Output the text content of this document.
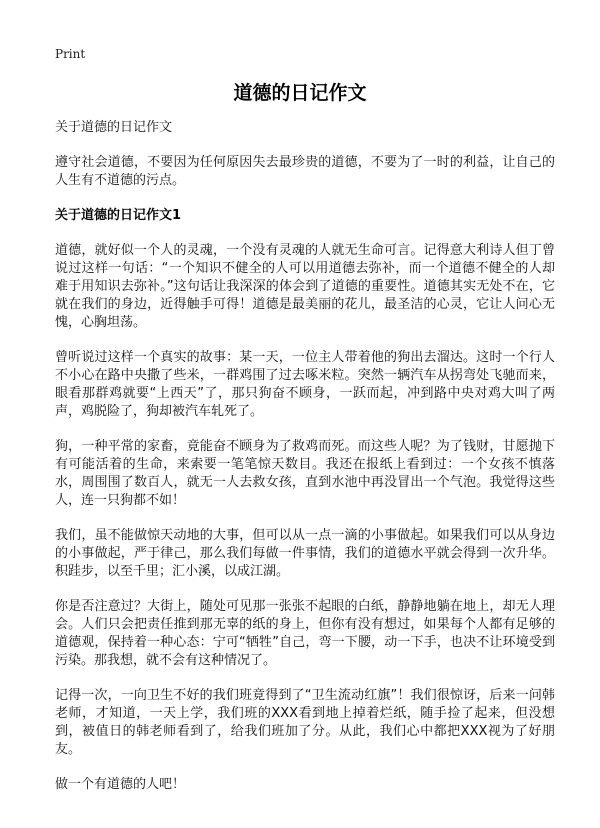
Print
道德的日记作文

关于道德的日记作文

遵守社会道德，不要因为任何原因失去最珍贵的道德，不要为了一时的利益，让自己的人生有不道德的污点。

关于道德的日记作文1

道德，就好似一个人的灵魂，一个没有灵魂的人就无生命可言。记得意大利诗人但丁曾说过这样一句话：“一个知识不健全的人可以用道德去弥补，而一个道德不健全的人却难于用知识去弥补。”这句话让我深深的体会到了道德的重要性。道德其实无处不在，它就在我们的身边，近得触手可得！道德是最美丽的花儿，最圣洁的心灵，它让人问心无愧，心胸坦荡。

曾听说过这样一个真实的故事：某一天，一位主人带着他的狗出去溜达。这时一个行人不小心在路中央撒了些米，一群鸡围了过去啄米粒。突然一辆汽车从拐弯处飞驰而来，眼看那群鸡就要“上西天”了，那只狗奋不顾身，一跃而起，冲到路中央对鸡大叫了两声，鸡脱险了，狗却被汽车轧死了。

狗，一种平常的家畜，竟能奋不顾身为了救鸡而死。而这些人呢？为了钱财，甘愿抛下有可能活着的生命，来索要一笔笔惊天数目。我还在报纸上看到过：一个女孩不慎落水，周围围了数百人，就无一人去救女孩，直到水池中再没冒出一个气泡。我觉得这些人，连一只狗都不如！

我们，虽不能做惊天动地的大事，但可以从一点一滴的小事做起。如果我们可以从身边的小事做起，严于律己，那么我们每做一件事情，我们的道德水平就会得到一次升华。积跬步，以至千里；汇小溪，以成江湖。

你是否注意过？大街上，随处可见那一张张不起眼的白纸，静静地躺在地上，却无人理会。人们只会把责任推到那无辜的纸的身上，但你有没有想过，如果每个人都有足够的道德观，保持着一种心态：宁可“牺牲”自己，弯一下腰，动一下手，也决不让环境受到污染。那我想，就不会有这种情况了。

记得一次，一向卫生不好的我们班竟得到了“卫生流动红旗”！我们很惊讶，后来一问韩老师，才知道，一天上学，我们班的XXX看到地上掉着烂纸，随手捡了起来，但没想到，被值日的韩老师看到了，给我们班加了分。从此，我们心中都把XXX视为了好朋友。

做一个有道德的人吧！
